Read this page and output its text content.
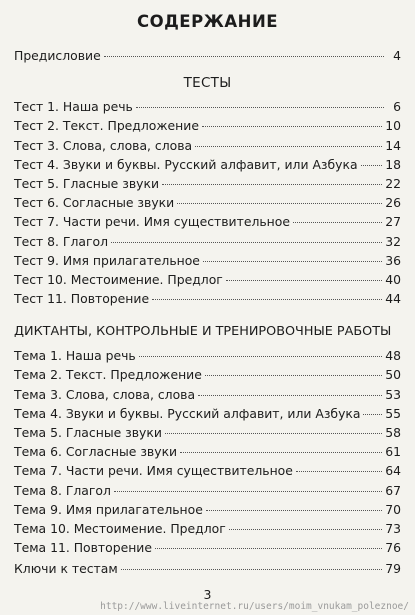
СОДЕРЖАНИЕ
Предисловие	4
ТЕСТЫ
Тест 1. Наша речь	6
Тест 2. Текст. Предложение	10
Тест 3. Слова, слова, слова	14
Тест 4. Звуки и буквы. Русский алфавит, или Азбука 18
Тест 5. Гласные звуки	22
Тест 6. Согласные звуки	26
Тест 7. Части речи. Имя существительное	27
Тест 8. Глагол	32
Тест 9. Имя прилагательное	36
Тест 10. Местоимение. Предлог	40
Тест 11. Повторение	44
ДИКТАНТЫ, КОНТРОЛЬНЫЕ И ТРЕНИРОВОЧНЫЕ РАБОТЫ
Тема 1. Наша речь	48
Тема 2. Текст. Предложение	50
Тема 3. Слова, слова, слова	53
Тема 4. Звуки и буквы. Русский алфавит, или Азбука 55
Тема 5. Гласные звуки	58
Тема 6. Согласные звуки	61
Тема 7. Части речи. Имя существительное	64
Тема 8. Глагол	67
Тема 9. Имя прилагательное	70
Тема 10. Местоимение. Предлог	73
Тема 11. Повторение	76
Ключи к тестам	79
3
http://www.liveinternet.ru/users/moim_vnukam_poleznoe/
